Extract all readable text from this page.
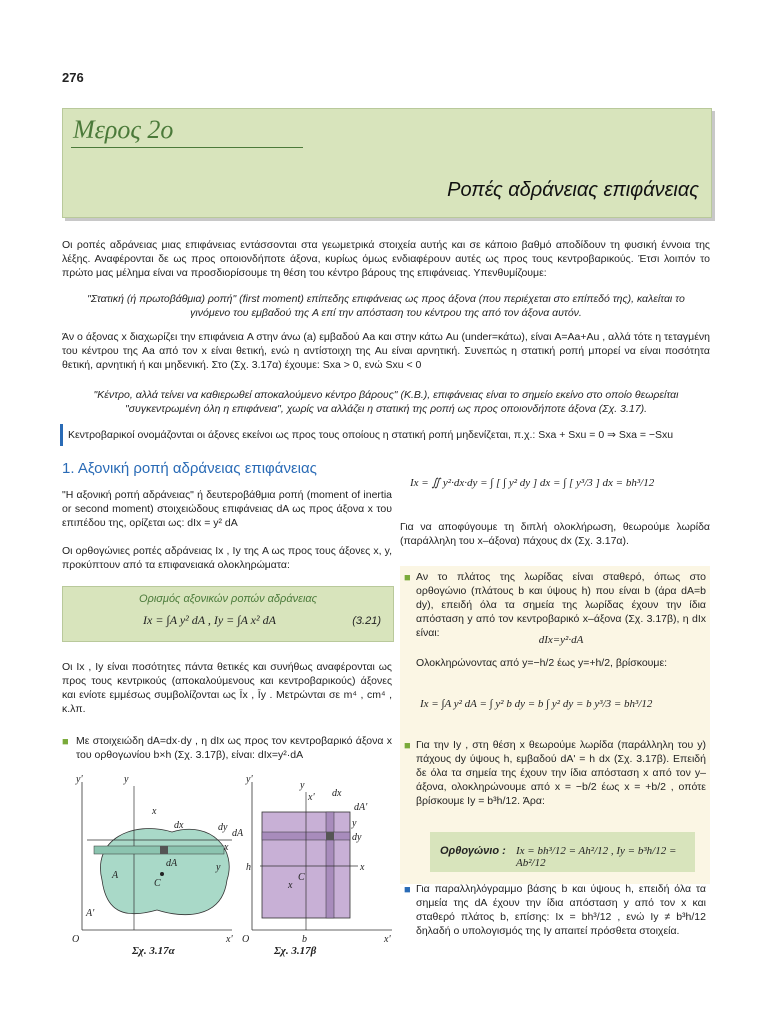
276
Μερος 2ο
Ροπές αδράνειας επιφάνειας

Οι ροπές αδράνειας μιας επιφάνειας εντάσσονται στα γεωμετρικά στοιχεία αυτής και σε κάποιο βαθμό αποδίδουν τη φυσική έννοια της λέξης. Αναφέρονται δε ως προς οποιονδήποτε άξονα, κυρίως όμως ενδιαφέρουν αυτές ως προς τους κεντροβαρικούς. Έτσι λοιπόν το πρώτο μας μέλημα είναι να προσδιορίσουμε τη θέση του κέντρο βάρους της επιφάνειας. Υπενθυμίζουμε:

"Στατική (ή πρωτοβάθμια) ροπή" (first moment) επίπεδης επιφάνειας ως προς άξονα (που περιέχεται στο επίπεδό της), καλείται το γινόμενο του εμβαδού της A επί την απόσταση του κέντρου της από τον άξονα αυτόν.

Άν ο άξονας x διαχωρίζει την επιφάνεια A στην άνω (a) εμβαδού Aa και στην κάτω Au (under=κάτω), είναι A=Aa+Au , αλλά τότε η τεταγμένη του κέντρου της Aa από τον x είναι θετική, ενώ η αντίστοιχη της Au είναι αρνητική. Συνεπώς η στατική ροπή μπορεί να είναι ποσότητα θετική, αρνητική ή και μηδενική. Στο (Σχ. 3.17α) έχουμε: Sxa > 0, ενώ Sxu < 0

"Κέντρο, αλλά τείνει να καθιερωθεί αποκαλούμενο κέντρο βάρους" (Κ.Β.), επιφάνειας είναι το σημείο εκείνο στο οποίο θεωρείται "συγκεντρωμένη όλη η επιφάνεια", χωρίς να αλλάζει η στατική της ροπή ως προς οποιονδήποτε άξονα (Σχ. 3.17).

Κεντροβαρικοί ονομάζονται οι άξονες εκείνοι ως προς τους οποίους η στατική ροπή μηδενίζεται, π.χ.: Sxa + Sxu = 0 ⇒ Sxa = −Sxu

1. Αξονική ροπή αδράνειας επιφάνειας

"Η αξονική ροπή αδράνειας" ή δευτεροβάθμια ροπή (moment of inertia or second moment) στοιχειώδους επιφάνειας dA ως προς άξονα x του επιπέδου της, ορίζεται ως: dIx = y² dA

Οι ορθογώνιες ροπές αδράνειας Ix , Iy της A ως προς τους άξονες x, y, προκύπτουν από τα επιφανειακά ολοκληρώματα:

Ορισμός αξονικών ροπών αδράνειας
Ix = ∫A y² dA , Iy = ∫A x² dA	(3.21)

Οι Ix , Iy είναι ποσότητες πάντα θετικές και συνήθως αναφέρονται ως προς τους κεντρικούς (αποκαλούμενους και κεντροβαρικούς) άξονες και ενίοτε εμμέσως συμβολίζονται ως Īx , Īy . Μετρώνται σε m⁴ , cm⁴ , κ.λπ.

■ Με στοιχειώδη dA=dx·dy , η dIx ως προς τον κεντροβαρικό άξονα x του ορθογωνίου b×h (Σχ. 3.17β), είναι: dIx=y²·dA

y'	y
x
dx	dy
dA
C
A
A'
x
y
O	x'
Σχ. 3.17α
y'
y
x' dx
dA'
dA
h
x
C
y
dy
x
O	b	x'
Σχ. 3.17β
Ix = ∬ y²·dx·dy = ∫ [ ∫ y² dy ] dx = ∫ [ y³/3 ] dx = bh³/12

Για να αποφύγουμε τη διπλή ολοκλήρωση, θεωρούμε λωρίδα (παράλληλη του x–άξονα) πάχους dx (Σχ. 3.17α).

■ Αν το πλάτος της λωρίδας είναι σταθερό, όπως στο ορθογώνιο (πλάτους b και ύψους h) που είναι b (άρα dA=b dy), επειδή όλα τα σημεία της λωρίδας έχουν την ίδια απόσταση y από τον κεντροβαρικό x–άξονα (Σχ. 3.17β), η dIx είναι:

dIx=y²·dA

Ολοκληρώνοντας από y=−h/2 έως y=+h/2, βρίσκουμε:

Ix = ∫A y² dA = ∫ y² b dy = b ∫ y² dy = b y³/3 = bh³/12
■ Για την Iy , στη θέση x θεωρούμε λωρίδα (παράλληλη του y) πάχους dy ύψους h, εμβαδού dA' = h dx (Σχ. 3.17β). Επειδή δε όλα τα σημεία της έχουν την ίδια απόσταση x από τον y–άξονα, ολοκληρώνουμε από x = −b/2 έως x = +b/2 , οπότε βρίσκουμε Iy = b³h/12. Άρα:

Ορθογώνιο : Ix = bh³/12 = Ah²/12 , Iy = b³h/12 = Ab²/12
■ Για παραλληλόγραμμο βάσης b και ύψους h, επειδή όλα τα σημεία της dA έχουν την ίδια απόσταση y από τον x και σταθερό πλάτος b, επίσης: Ix = bh³/12 , ενώ Iy ≠ b³h/12 δηλαδή ο υπολογισμός της Iy απαιτεί πρόσθετα στοιχεία.
